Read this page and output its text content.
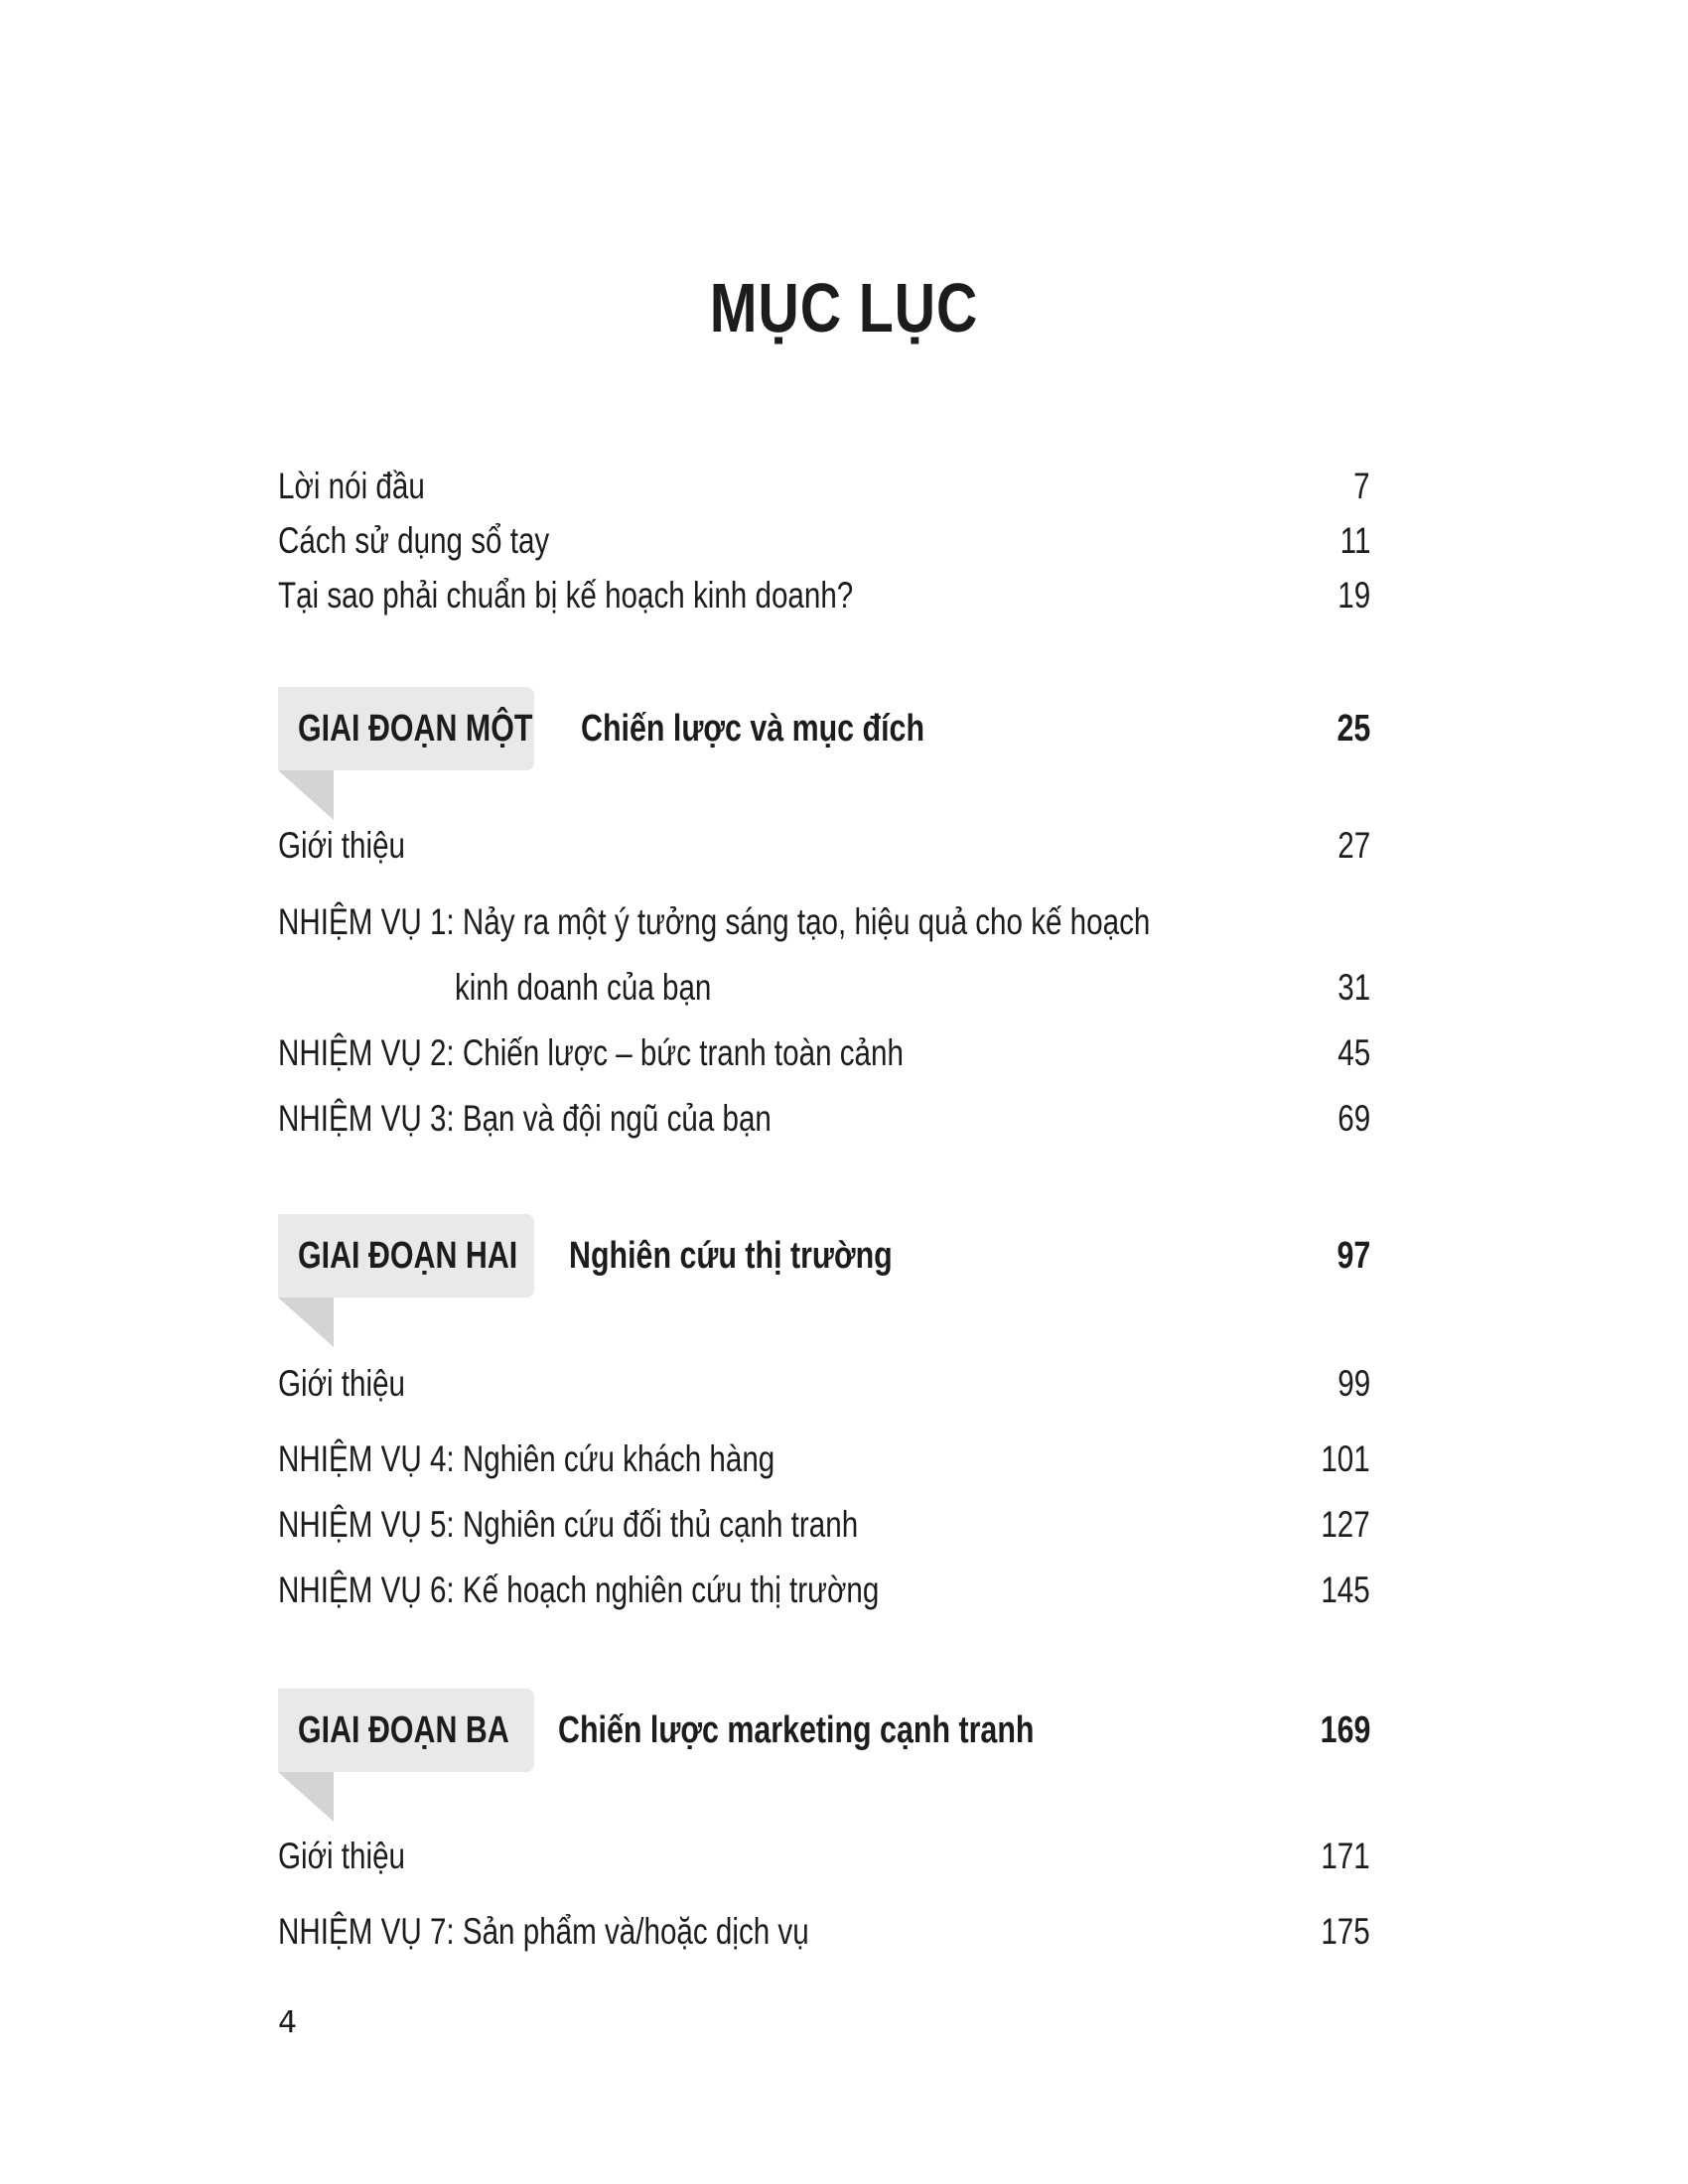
MỤC LỤC
Lời nói đầu	7
Cách sử dụng sổ tay	11
Tại sao phải chuẩn bị kế hoạch kinh doanh?	19
GIAI ĐOẠN MỘT Chiến lược và mục đích	25
Giới thiệu	27
NHIỆM VỤ 1: Nảy ra một ý tưởng sáng tạo, hiệu quả cho kế hoạch
kinh doanh của bạn	31
NHIỆM VỤ 2: Chiến lược – bức tranh toàn cảnh	45
NHIỆM VỤ 3: Bạn và đội ngũ của bạn	69
GIAI ĐOẠN HAI Nghiên cứu thị trường	97
Giới thiệu	99
NHIỆM VỤ 4: Nghiên cứu khách hàng	101
NHIỆM VỤ 5: Nghiên cứu đối thủ cạnh tranh	127
NHIỆM VỤ 6: Kế hoạch nghiên cứu thị trường	145
GIAI ĐOẠN BA Chiến lược marketing cạnh tranh	169
Giới thiệu	171
NHIỆM VỤ 7: Sản phẩm và/hoặc dịch vụ	175
4
